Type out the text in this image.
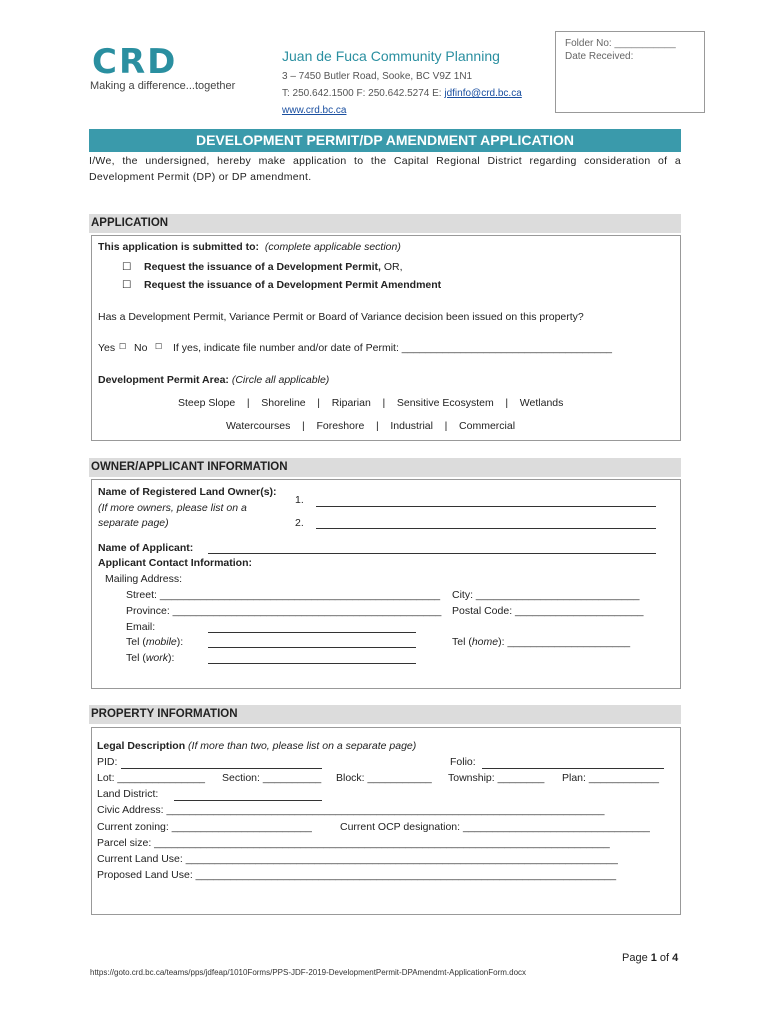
CRD
Making a difference...together
Juan de Fuca Community Planning
3 – 7450 Butler Road, Sooke, BC V9Z 1N1
T: 250.642.1500 F: 250.642.5274 E: jdfinfo@crd.bc.ca
www.crd.bc.ca
Folder No: ___________
Date Received:
DEVELOPMENT PERMIT/DP AMENDMENT APPLICATION
I/We, the undersigned, hereby make application to the Capital Regional District regarding consideration of a Development Permit (DP) or DP amendment.
APPLICATION
This application is submitted to: (complete applicable section)
☐ Request the issuance of a Development Permit, OR,
☐ Request the issuance of a Development Permit Amendment
Has a Development Permit, Variance Permit or Board of Variance decision been issued on this property?
Yes ☐ No ☐ If yes, indicate file number and/or date of Permit: ____________________________________
Development Permit Area: (Circle all applicable)
Steep Slope    |    Shoreline    |    Riparian    |    Sensitive Ecosystem    |    Wetlands
Watercourses    |    Foreshore    |    Industrial    |    Commercial
OWNER/APPLICANT INFORMATION
Name of Registered Land Owner(s):
(If more owners, please list on a
separate page)
1.
2.
Name of Applicant:
Applicant Contact Information:
Mailing Address:
Street: ________________________________________________ City: ____________________________
Province: ______________________________________________ Postal Code: ______________________
Email:
Tel (mobile):	Tel (home): _____________________
Tel (work):
PROPERTY INFORMATION
Legal Description (If more than two, please list on a separate page)
PID:	Folio:
Lot: _______________ Section: __________ Block: ___________ Township: ________ Plan: ____________
Land District:
Civic Address: ___________________________________________________________________________
Current zoning: ________________________	Current OCP designation: ________________________________
Parcel size: ______________________________________________________________________________
Current Land Use: __________________________________________________________________________
Proposed Land Use: ________________________________________________________________________
Page 1 of 4
https://goto.crd.bc.ca/teams/pps/jdfeap/1010Forms/PPS-JDF-2019-DevelopmentPermit-DPAmendmt-ApplicationForm.docx
